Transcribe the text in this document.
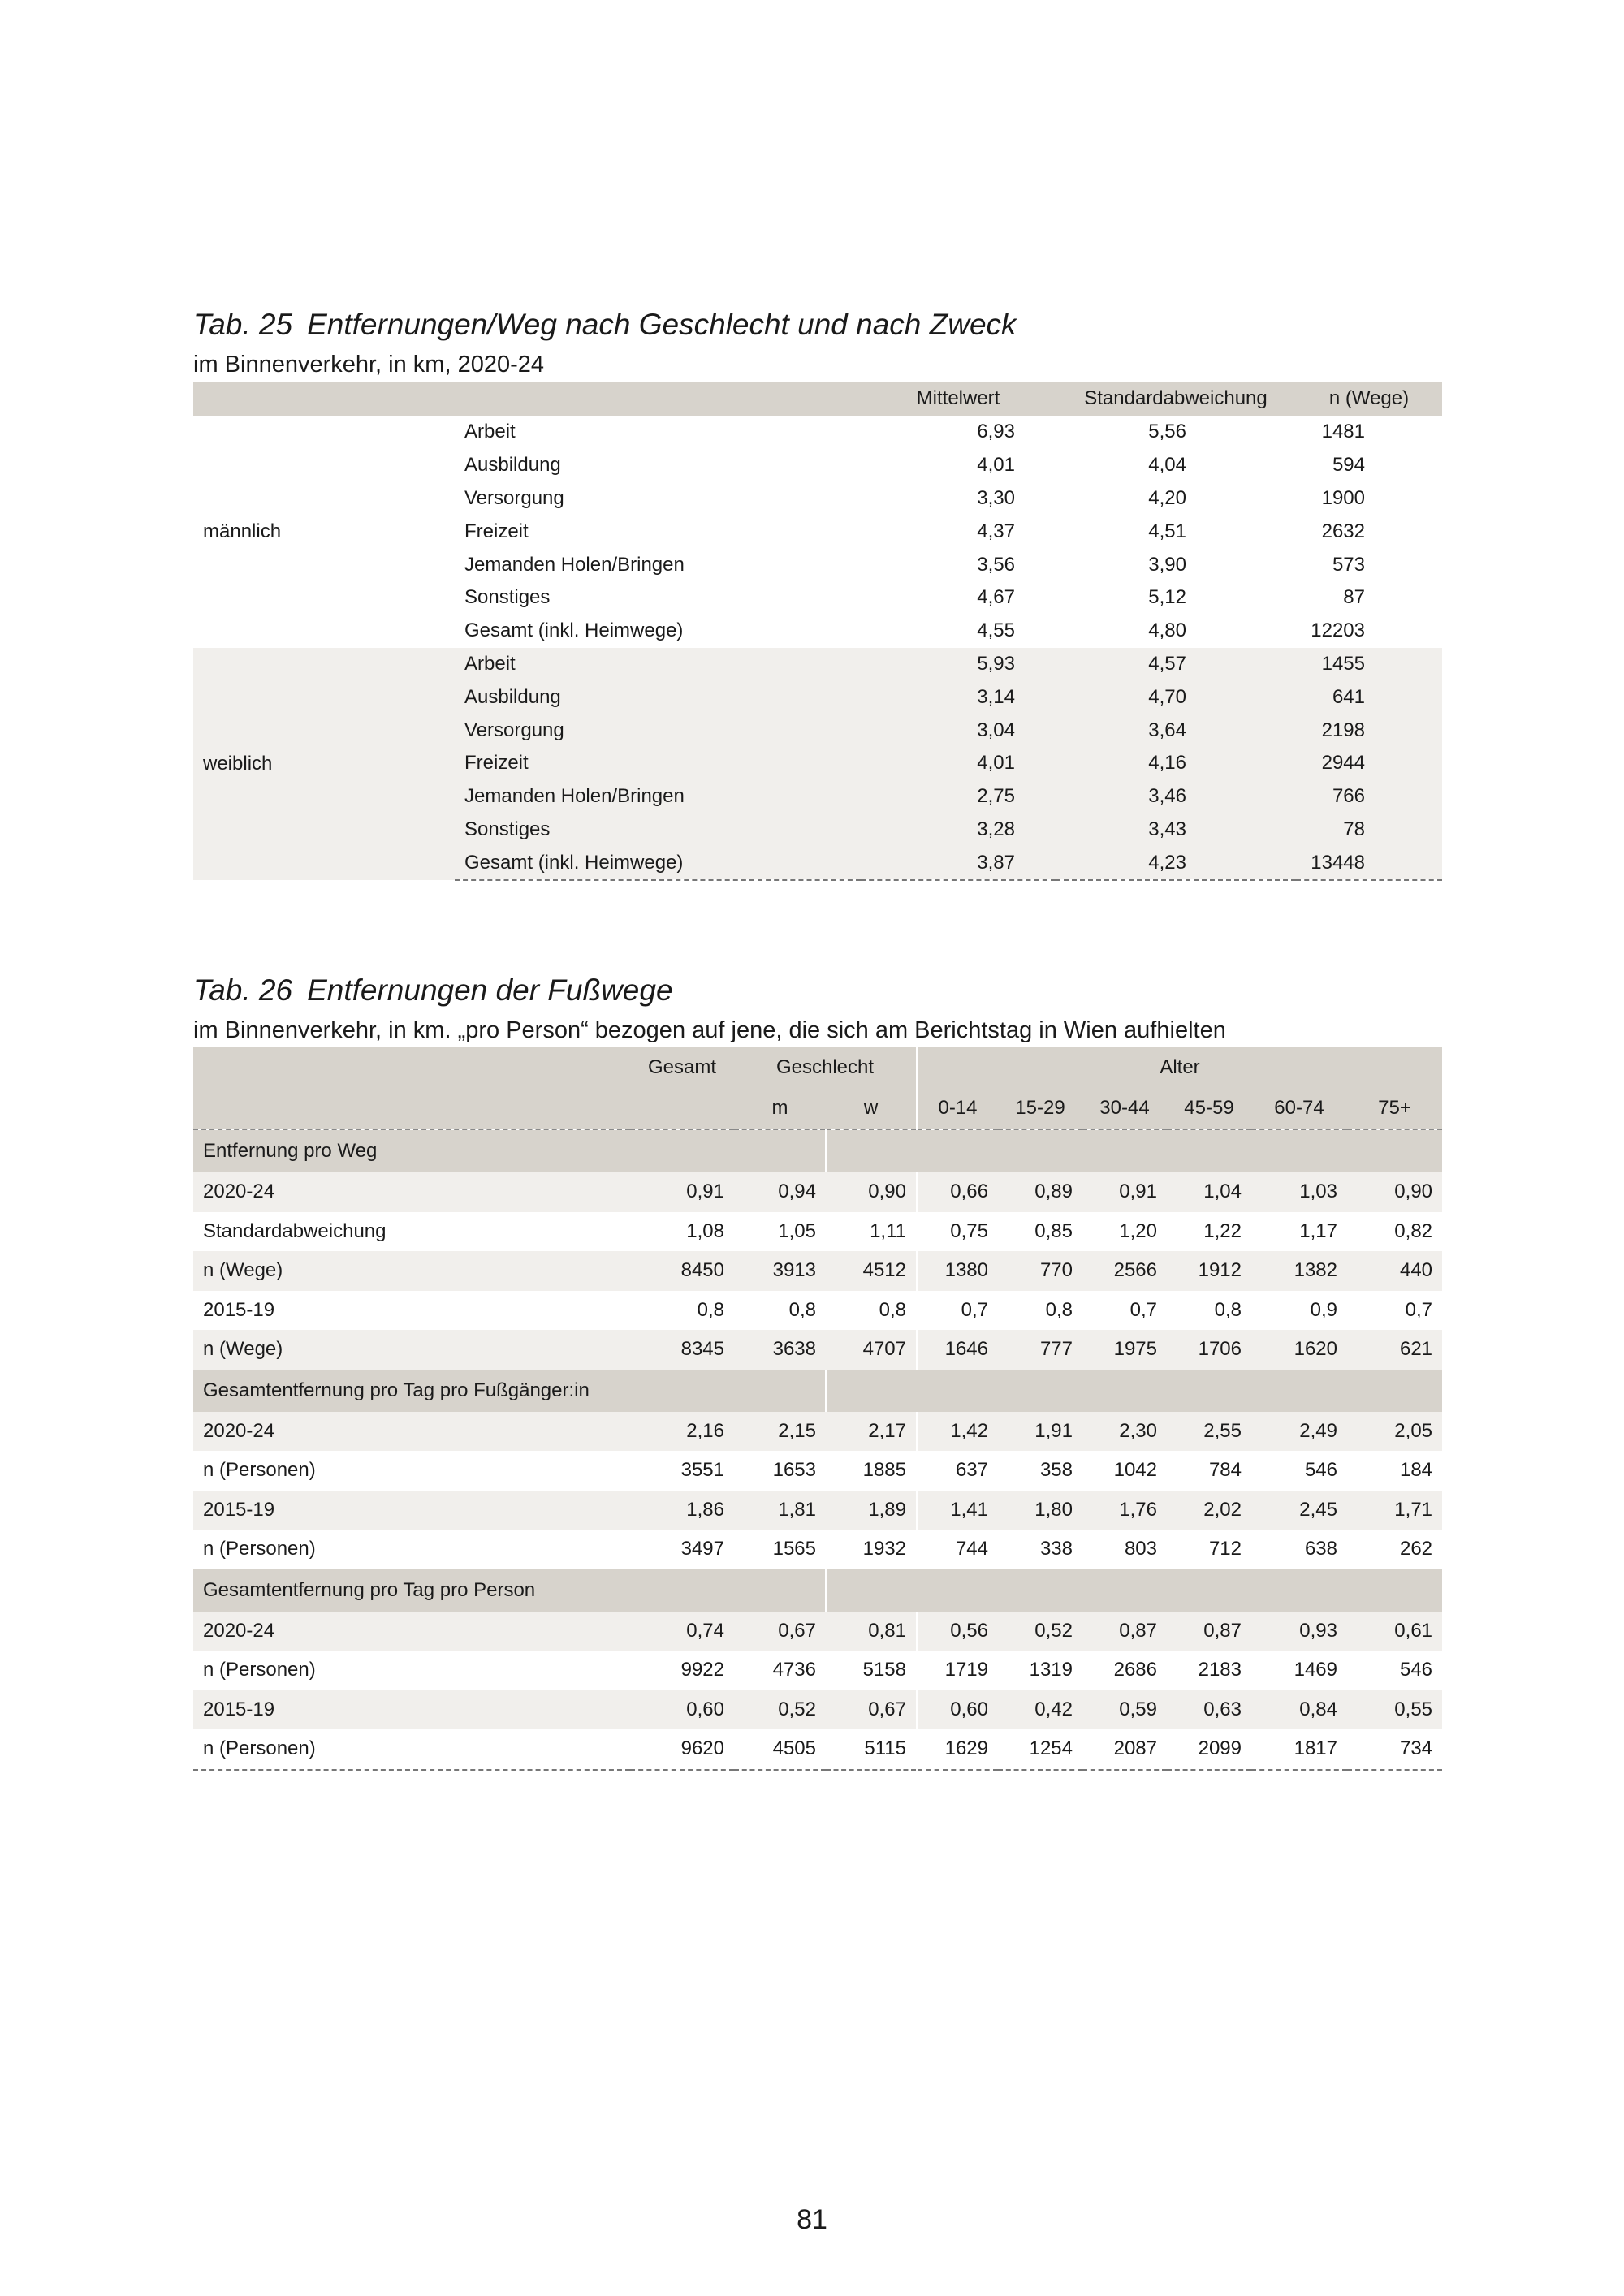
Tab. 25 Entfernungen/Weg nach Geschlecht und nach Zweck
im Binnenverkehr, in km, 2020-24
		Mittelwert	Standardabweichung	n (Wege)
männlich	Arbeit	6,93	5,56	1481
	Ausbildung	4,01	4,04	594
	Versorgung	3,30	4,20	1900
	Freizeit	4,37	4,51	2632
	Jemanden Holen/Bringen	3,56	3,90	573
	Sonstiges	4,67	5,12	87
	Gesamt (inkl. Heimwege)	4,55	4,80	12203
weiblich	Arbeit	5,93	4,57	1455
	Ausbildung	3,14	4,70	641
	Versorgung	3,04	3,64	2198
	Freizeit	4,01	4,16	2944
	Jemanden Holen/Bringen	2,75	3,46	766
	Sonstiges	3,28	3,43	78
	Gesamt (inkl. Heimwege)	3,87	4,23	13448
Tab. 26 Entfernungen der Fußwege
im Binnenverkehr, in km. „pro Person“ bezogen auf jene, die sich am Berichtstag in Wien aufhielten
	Gesamt	Geschlecht		Alter					
		m	w	0-14	15-29	30-44	45-59	60-74	75+
Entfernung pro Weg									
2020-24	0,91	0,94	0,90	0,66	0,89	0,91	1,04	1,03	0,90
Standardabweichung	1,08	1,05	1,11	0,75	0,85	1,20	1,22	1,17	0,82
n (Wege)	8450	3913	4512	1380	770	2566	1912	1382	440
2015-19	0,8	0,8	0,8	0,7	0,8	0,7	0,8	0,9	0,7
n (Wege)	8345	3638	4707	1646	777	1975	1706	1620	621
Gesamtentfernung pro Tag pro Fußgänger:in									
2020-24	2,16	2,15	2,17	1,42	1,91	2,30	2,55	2,49	2,05
n (Personen)	3551	1653	1885	637	358	1042	784	546	184
2015-19	1,86	1,81	1,89	1,41	1,80	1,76	2,02	2,45	1,71
n (Personen)	3497	1565	1932	744	338	803	712	638	262
Gesamtentfernung pro Tag pro Person									
2020-24	0,74	0,67	0,81	0,56	0,52	0,87	0,87	0,93	0,61
n (Personen)	9922	4736	5158	1719	1319	2686	2183	1469	546
2015-19	0,60	0,52	0,67	0,60	0,42	0,59	0,63	0,84	0,55
n (Personen)	9620	4505	5115	1629	1254	2087	2099	1817	734
81
